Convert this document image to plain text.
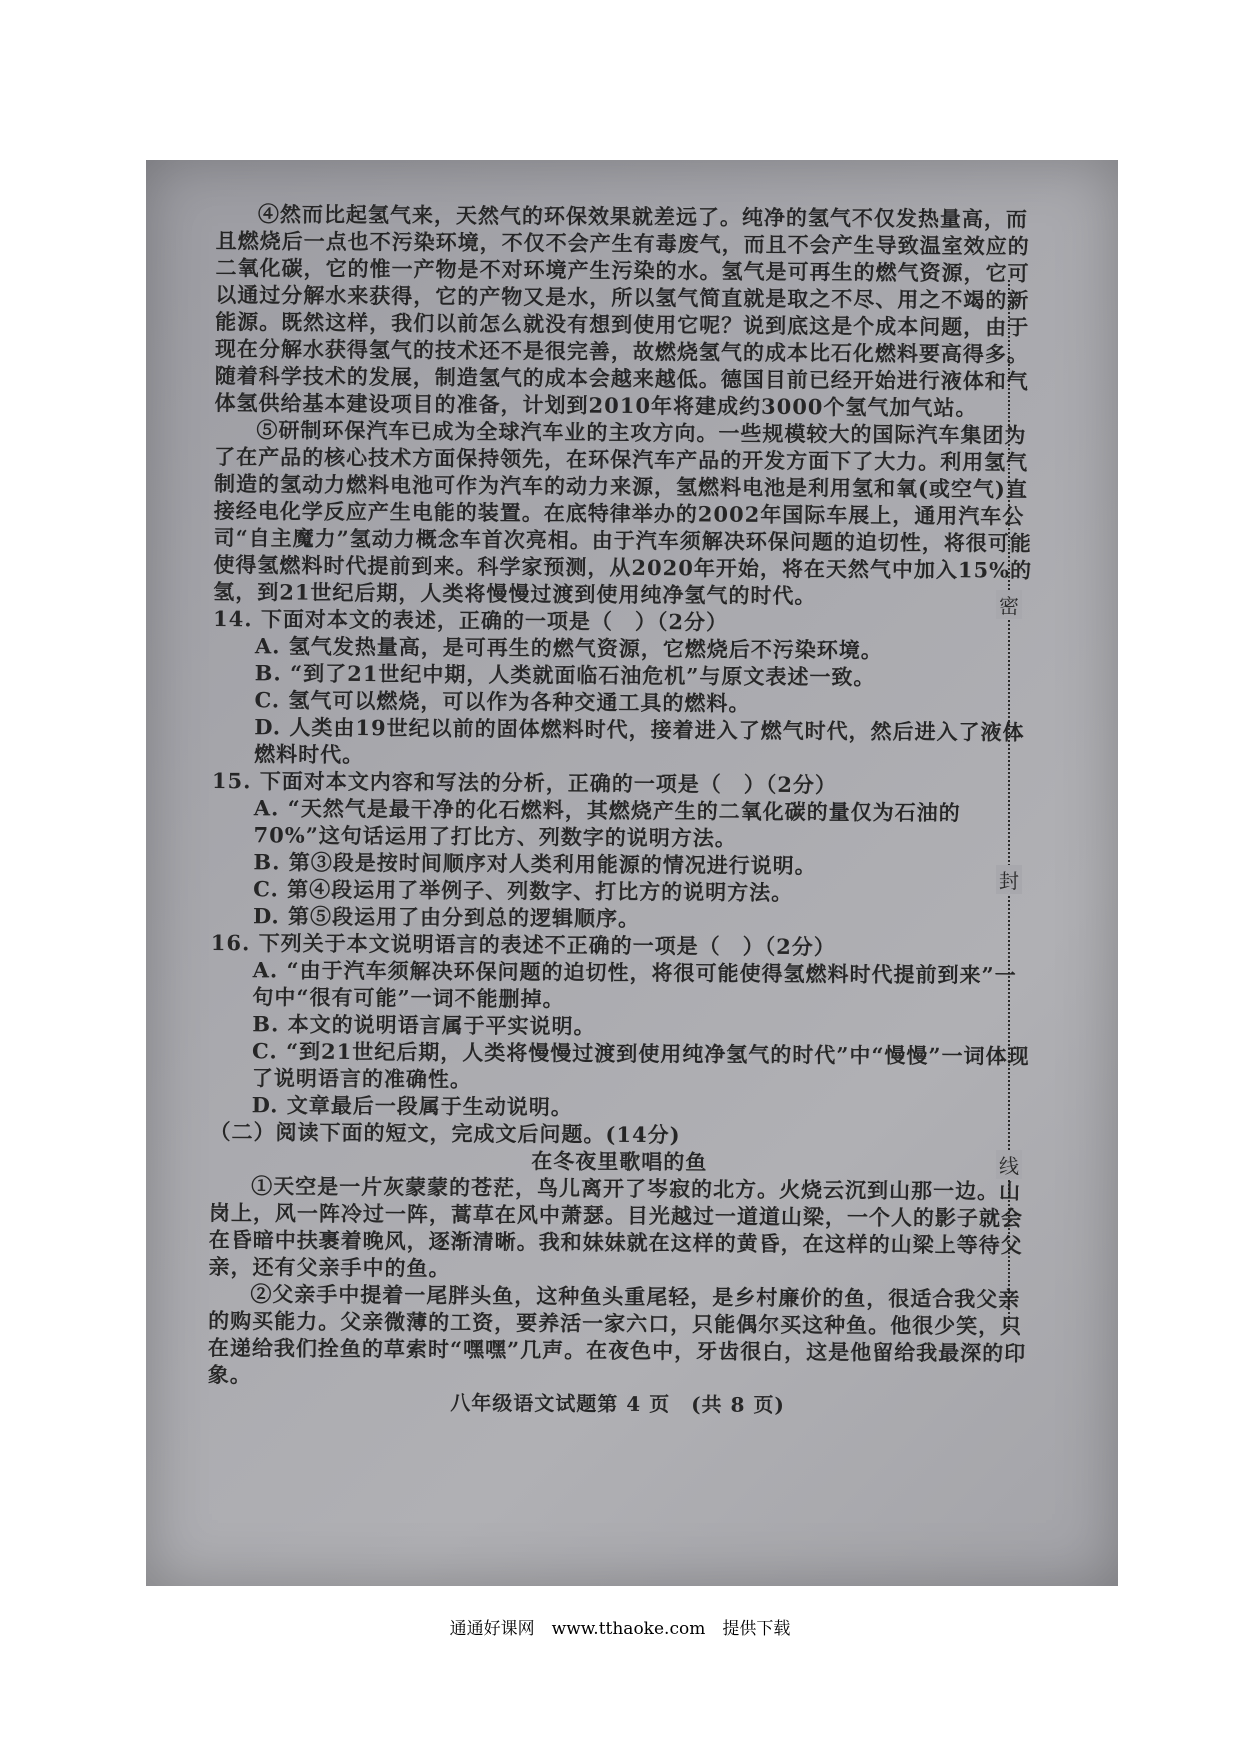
密
封
线

④然而比起氢气来，天然气的环保效果就差远了。纯净的氢气不仅发热量高，而且燃烧后一点也不污染环境，不仅不会产生有毒废气，而且不会产生导致温室效应的二氧化碳，它的惟一产物是不对环境产生污染的水。氢气是可再生的燃气资源，它可以通过分解水来获得，它的产物又是水，所以氢气简直就是取之不尽、用之不竭的新能源。既然这样，我们以前怎么就没有想到使用它呢？说到底这是个成本问题，由于现在分解水获得氢气的技术还不是很完善，故燃烧氢气的成本比石化燃料要高得多。随着科学技术的发展，制造氢气的成本会越来越低。德国目前已经开始进行液体和气体氢供给基本建设项目的准备，计划到2010年将建成约3000个氢气加气站。

⑤研制环保汽车已成为全球汽车业的主攻方向。一些规模较大的国际汽车集团为了在产品的核心技术方面保持领先，在环保汽车产品的开发方面下了大力。利用氢气制造的氢动力燃料电池可作为汽车的动力来源，氢燃料电池是利用氢和氧(或空气)直接经电化学反应产生电能的装置。在底特律举办的2002年国际车展上，通用汽车公司“自主魔力”氢动力概念车首次亮相。由于汽车须解决环保问题的迫切性，将很可能使得氢燃料时代提前到来。科学家预测，从2020年开始，将在天然气中加入15%的氢，到21世纪后期，人类将慢慢过渡到使用纯净氢气的时代。

14. 下面对本文的表述，正确的一项是（　）（2分）

A. 氢气发热量高，是可再生的燃气资源，它燃烧后不污染环境。

B. “到了21世纪中期，人类就面临石油危机”与原文表述一致。

C. 氢气可以燃烧，可以作为各种交通工具的燃料。

D. 人类由19世纪以前的固体燃料时代，接着进入了燃气时代，然后进入了液体燃料时代。

15. 下面对本文内容和写法的分析，正确的一项是（　）（2分）

A. “天然气是最干净的化石燃料，其燃烧产生的二氧化碳的量仅为石油的70%”这句话运用了打比方、列数字的说明方法。

B. 第③段是按时间顺序对人类利用能源的情况进行说明。

C. 第④段运用了举例子、列数字、打比方的说明方法。

D. 第⑤段运用了由分到总的逻辑顺序。

16. 下列关于本文说明语言的表述不正确的一项是（　）（2分）

A. “由于汽车须解决环保问题的迫切性，将很可能使得氢燃料时代提前到来”一句中“很有可能”一词不能删掉。

B. 本文的说明语言属于平实说明。

C. “到21世纪后期，人类将慢慢过渡到使用纯净氢气的时代”中“慢慢”一词体现了说明语言的准确性。

D. 文章最后一段属于生动说明。

（二）阅读下面的短文，完成文后问题。(14分)

在冬夜里歌唱的鱼

①天空是一片灰蒙蒙的苍茫，鸟儿离开了岑寂的北方。火烧云沉到山那一边。山岗上，风一阵冷过一阵，蒿草在风中萧瑟。目光越过一道道山梁，一个人的影子就会在昏暗中扶裹着晚风，逐渐清晰。我和妹妹就在这样的黄昏，在这样的山梁上等待父亲，还有父亲手中的鱼。

②父亲手中提着一尾胖头鱼，这种鱼头重尾轻，是乡村廉价的鱼，很适合我父亲的购买能力。父亲微薄的工资，要养活一家六口，只能偶尔买这种鱼。他很少笑，只在递给我们拴鱼的草索时“嘿嘿”几声。在夜色中，牙齿很白，这是他留给我最深的印象。

八年级语文试题第 4 页　(共 8 页)

通通好课网　www.tthaoke.com　提供下载
